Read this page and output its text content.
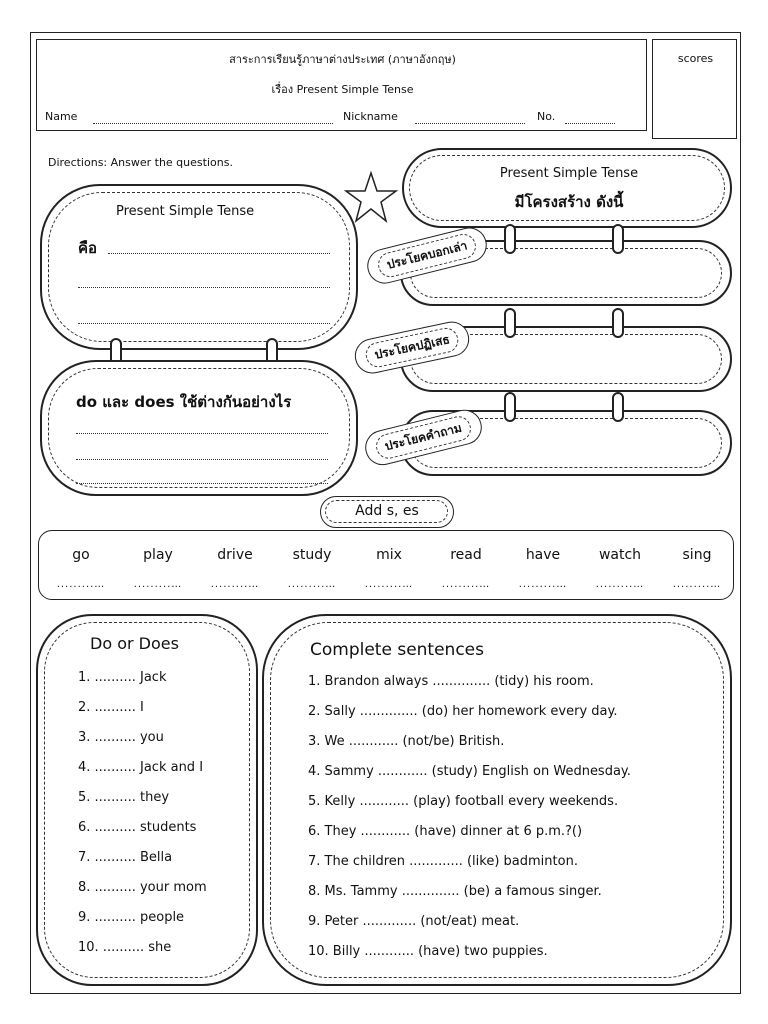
สาระการเรียนรู้ภาษาต่างประเทศ (ภาษาอังกฤษ)
เรื่อง Present Simple Tense
Name	Nickname	No.
scores
Directions: Answer the questions.
Present Simple Tense
คือ
do และ does ใช้ต่างกันอย่างไร
Present Simple Tense
มีโครงสร้าง ดังนี้
ประโยคบอกเล่า
ประโยคปฏิเสธ
ประโยคคำถาม
Add s, es
go	play	drive	study	mix	read	have	watch	sing
.........…	.........…	.........…	.........…	.........…	.........…	.........…	.........…	.........…
Do or Does
1. .......... Jack
2. .......... I
3. .......... you
4. .......... Jack and I
5. .......... they
6. .......... students
7. .......... Bella
8. .......... your mom
9. .......... people
10. .......... she
Complete sentences
1. Brandon always .............. (tidy) his room.
2. Sally .............. (do) her homework every day.
3. We ............ (not/be) British.
4. Sammy ............ (study) English on Wednesday.
5. Kelly ............ (play) football every weekends.
6. They ............ (have) dinner at 6 p.m.?()
7. The children ............. (like) badminton.
8. Ms. Tammy .............. (be) a famous singer.
9. Peter ............. (not/eat) meat.
10. Billy ............ (have) two puppies.
